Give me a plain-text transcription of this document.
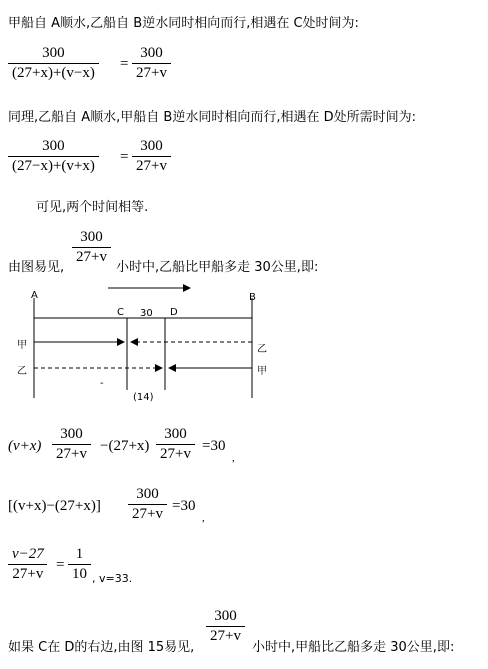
甲船自 A顺水,乙船自 B逆水同时相向而行,相遇在 C处时间为:
$\frac{300}{(27+x)+(v-x)} = \frac{300}{27+v}$
同理,乙船自 A顺水,甲船自 B逆水同时相向而行,相遇在 D处所需时间为:
$\frac{300}{(27-x)+(v+x)} = \frac{300}{27+v}$
可见,两个时间相等.
由图易见,
$\frac{300}{27+v}$
小时中,乙船比甲船多走 30公里,即:
A	B
C 30 D
甲	乙
乙	甲
-
(14)
$(v+x) \frac{300}{27+v} -(27+x) \frac{300}{27+v} =30$
,
$[(v+x)-(27+x)] \frac{300}{27+v} =30$
,
$\frac{v-27}{27+v} = \frac{1}{10}$ , v=33.
如果 C在 D的右边,由图 15易见,
$\frac{300}{27+v}$
小时中,甲船比乙船多走 30公里,即:
